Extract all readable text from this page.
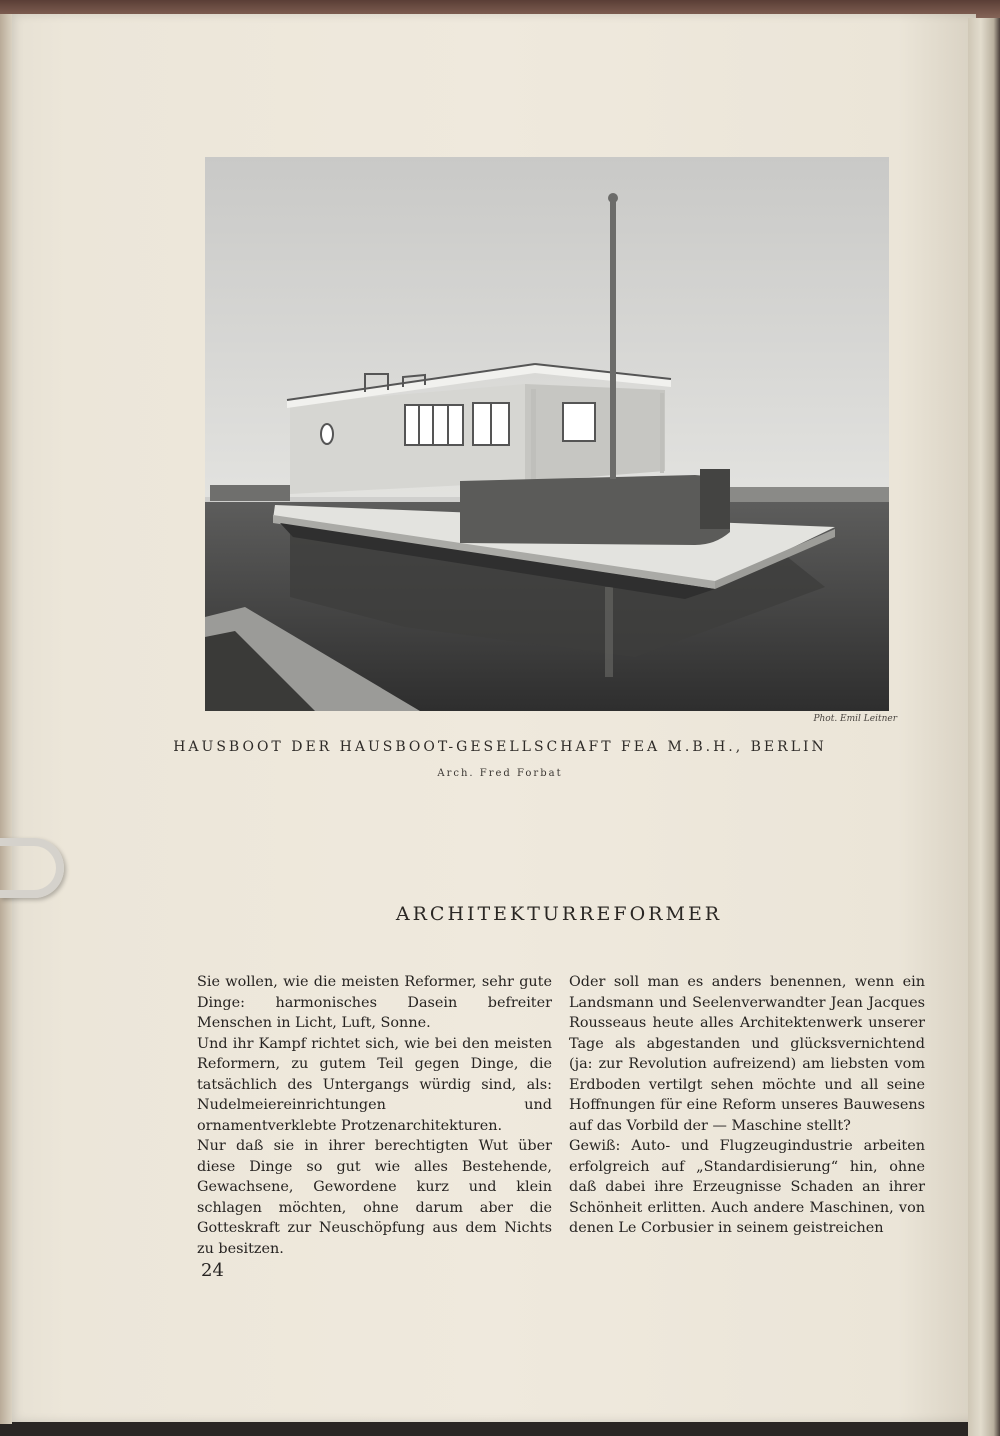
Phot. Emil Leitner
HAUSBOOT DER HAUSBOOT-GESELLSCHAFT FEA M.B.H., BERLIN
Arch. Fred Forbat
ARCHITEKTURREFORMER

Sie wollen, wie die meisten Reformer, sehr gute Dinge: harmonisches Dasein befreiter Menschen in Licht, Luft, Sonne.

Und ihr Kampf richtet sich, wie bei den meisten Reformern, zu gutem Teil gegen Dinge, die tatsächlich des Untergangs würdig sind, als: Nudelmeiereinrichtungen und ornamentverklebte Protzenarchitekturen.

Nur daß sie in ihrer berechtigten Wut über diese Dinge so gut wie alles Bestehende, Gewachsene, Gewordene kurz und klein schlagen möchten, ohne darum aber die Gotteskraft zur Neuschöpfung aus dem Nichts zu besitzen.

Oder soll man es anders benennen, wenn ein Landsmann und Seelenverwandter Jean Jacques Rousseaus heute alles Architektenwerk unserer Tage als abgestanden und glücksvernichtend (ja: zur Revolution aufreizend) am liebsten vom Erdboden vertilgt sehen möchte und all seine Hoffnungen für eine Reform unseres Bauwesens auf das Vorbild der — Maschine stellt?

Gewiß: Auto- und Flugzeugindustrie arbeiten erfolgreich auf „Standardisierung“ hin, ohne daß dabei ihre Erzeugnisse Schaden an ihrer Schönheit erlitten. Auch andere Maschinen, von denen Le Corbusier in seinem geistreichen

24
